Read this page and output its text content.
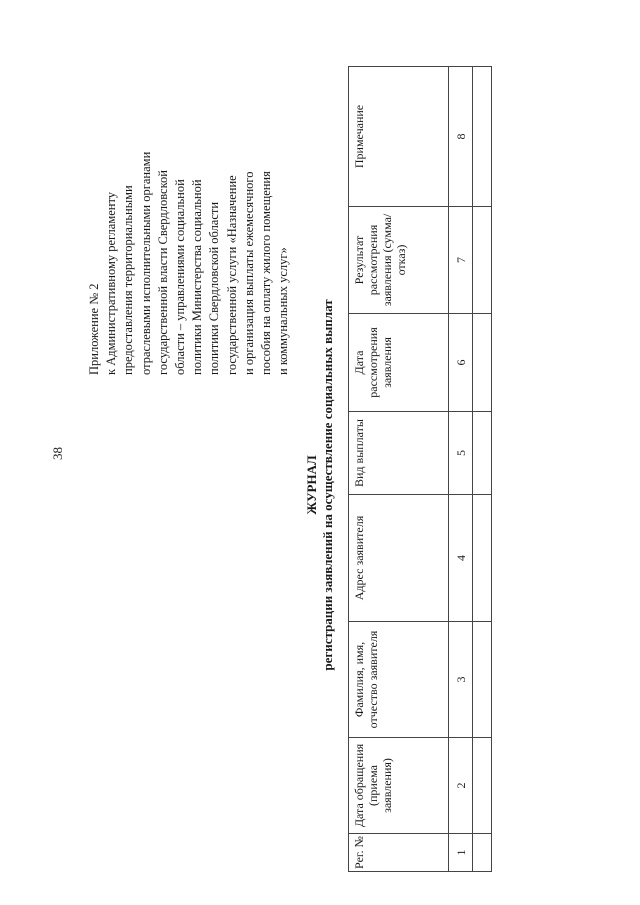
38
Приложение № 2 к Административному регламенту предоставления территориальными отраслевыми исполнительными органами государственной власти Свердловской области – управлениями социальной политики Министерства социальной политики Свердловской области государственной услуги «Назначение и организация выплаты ежемесячного пособия на оплату жилого помещения и коммунальных услуг»
ЖУРНАЛ регистрации заявлений на осуществление социальных выплат
Рег. №	Дата обращения (приема заявления)	Фамилия, имя, отчество заявителя	Адрес заявителя	Вид выплаты	Дата рассмотрения заявления	Результат рассмотрения заявления (сумма/отказ)	Примечание
1	2	3	4	5	6	7	8
